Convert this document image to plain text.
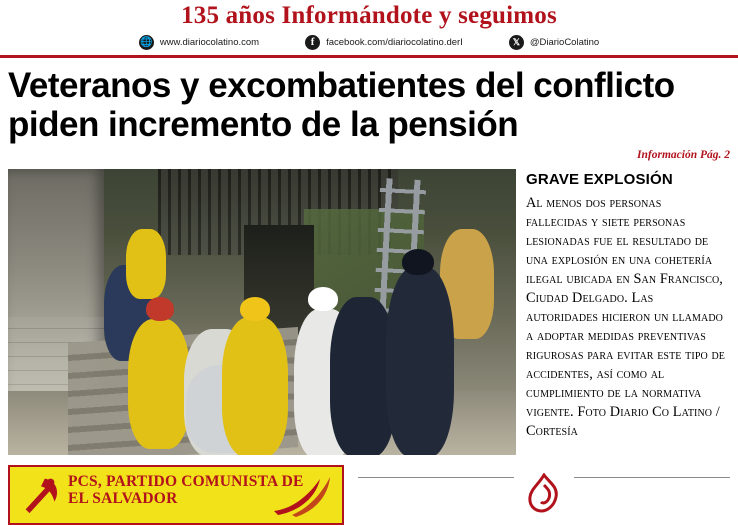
135 años Informándote y seguimos
🌐 www.diariocolatino.com	f	facebook.com/diariocolatino.derI	𝕏	@DiarioColatino
Veteranos y excombatientes del conflicto
piden incremento de la pensión
Información Pág. 2
GRAVE EXPLOSIÓN

Al menos dos personas fallecidas y siete personas lesionadas fue el resultado de una explosión en una cohetería ilegal ubicada en San Francisco, Ciudad Delgado. Las autoridades hicieron un llamado a adoptar medidas preventivas rigurosas para evitar este tipo de accidentes, así como al cumplimiento de la normativa vigente. Foto Diario Co Latino / Cortesía

PCS, PARTIDO COMUNISTA DE
EL SALVADOR
